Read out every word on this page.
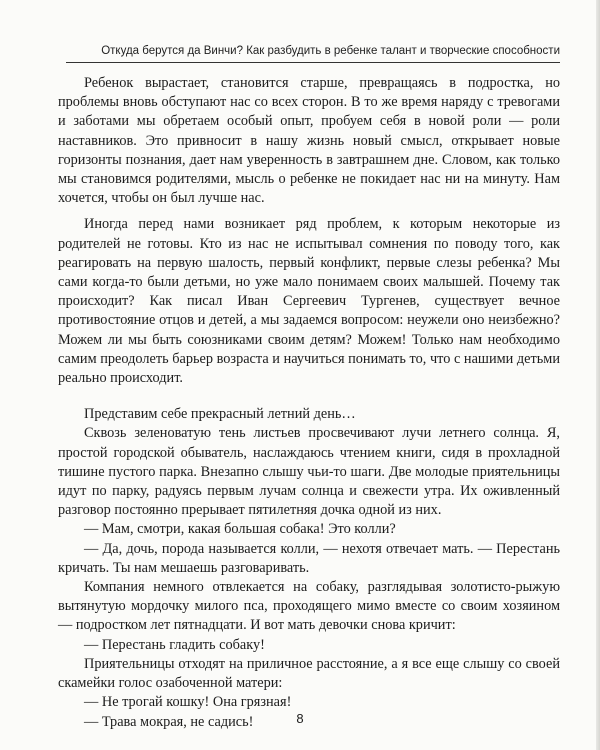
Откуда берутся да Винчи? Как разбудить в ребенке талант и творческие способности

Ребенок вырастает, становится старше, превращаясь в подростка, но проблемы вновь обступают нас со всех сторон. В то же время наряду с тревогами и заботами мы обретаем особый опыт, пробуем себя в новой роли — роли наставников. Это привносит в нашу жизнь новый смысл, открывает новые горизонты познания, дает нам уверенность в завтрашнем дне. Словом, как только мы становимся родителями, мысль о ребенке не покидает нас ни на минуту. Нам хочется, чтобы он был лучше нас.

Иногда перед нами возникает ряд проблем, к которым некоторые из родителей не готовы. Кто из нас не испытывал сомнения по поводу того, как реагировать на первую шалость, первый конфликт, первые слезы ребенка? Мы сами когда-то были детьми, но уже мало понимаем своих малышей. Почему так происходит? Как писал Иван Сергеевич Тургенев, существует вечное противостояние отцов и детей, а мы задаемся вопросом: неужели оно неизбежно? Можем ли мы быть союзниками своим детям? Можем! Только нам необходимо самим преодолеть барьер возраста и научиться понимать то, что с нашими детьми реально происходит.

Представим себе прекрасный летний день…

Сквозь зеленоватую тень листьев просвечивают лучи летнего солнца. Я, простой городской обыватель, наслаждаюсь чтением книги, сидя в прохладной тишине пустого парка. Внезапно слышу чьи-то шаги. Две молодые приятельницы идут по парку, радуясь первым лучам солнца и свежести утра. Их оживленный разговор постоянно прерывает пятилетняя дочка одной из них.

— Мам, смотри, какая большая собака! Это колли?

— Да, дочь, порода называется колли, — нехотя отвечает мать. — Перестань кричать. Ты нам мешаешь разговаривать.

Компания немного отвлекается на собаку, разглядывая золотисто-рыжую вытянутую мордочку милого пса, проходящего мимо вместе со своим хозяином — подростком лет пятнадцати. И вот мать девочки снова кричит:

— Перестань гладить собаку!

Приятельницы отходят на приличное расстояние, а я все еще слышу со своей скамейки голос озабоченной матери:

— Не трогай кошку! Она грязная!

— Трава мокрая, не садись!	8
